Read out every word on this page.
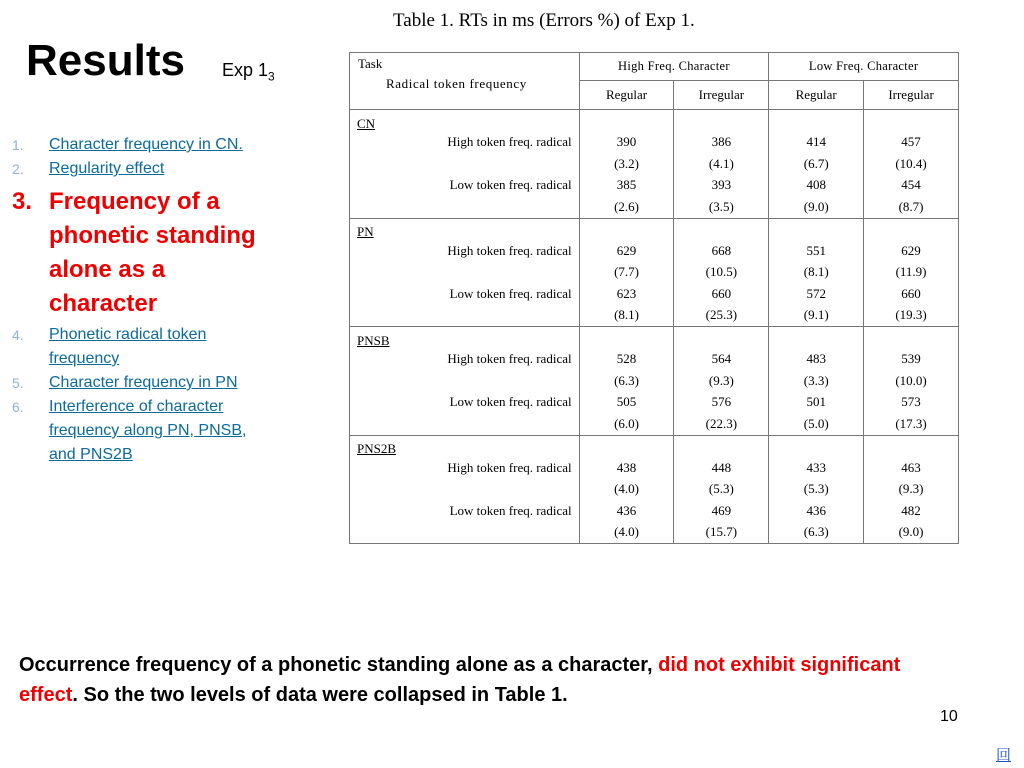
Results Exp $1_3$
1. Character frequency in CN.
2. Regularity effect
3. Frequency of a phonetic standing alone as a character
4. Phonetic radical token frequency
5. Character frequency in PN
6. Interference of character frequency along PN, PNSB, and PNS2B
Table 1. RTs in ms (Errors %) of Exp 1.
Task
Radical token frequency	High Freq. Character		Low Freq. Character	
	Regular	Irregular	Regular	Irregular
CN				
High token freq. radical	390	386	414	457
	(3.2)	(4.1)	(6.7)	(10.4)
Low token freq. radical	385	393	408	454
	(2.6)	(3.5)	(9.0)	(8.7)
PN				
High token freq. radical	629	668	551	629
	(7.7)	(10.5)	(8.1)	(11.9)
Low token freq. radical	623	660	572	660
	(8.1)	(25.3)	(9.1)	(19.3)
PNSB				
High token freq. radical	528	564	483	539
	(6.3)	(9.3)	(3.3)	(10.0)
Low token freq. radical	505	576	501	573
	(6.0)	(22.3)	(5.0)	(17.3)
PNS2B				
High token freq. radical	438	448	433	463
	(4.0)	(5.3)	(5.3)	(9.3)
Low token freq. radical	436	469	436	482
	(4.0)	(15.7)	(6.3)	(9.0)
Occurrence frequency of a phonetic standing alone as a character, did not exhibit significant effect. So the two levels of data were collapsed in Table 1.
10
回
